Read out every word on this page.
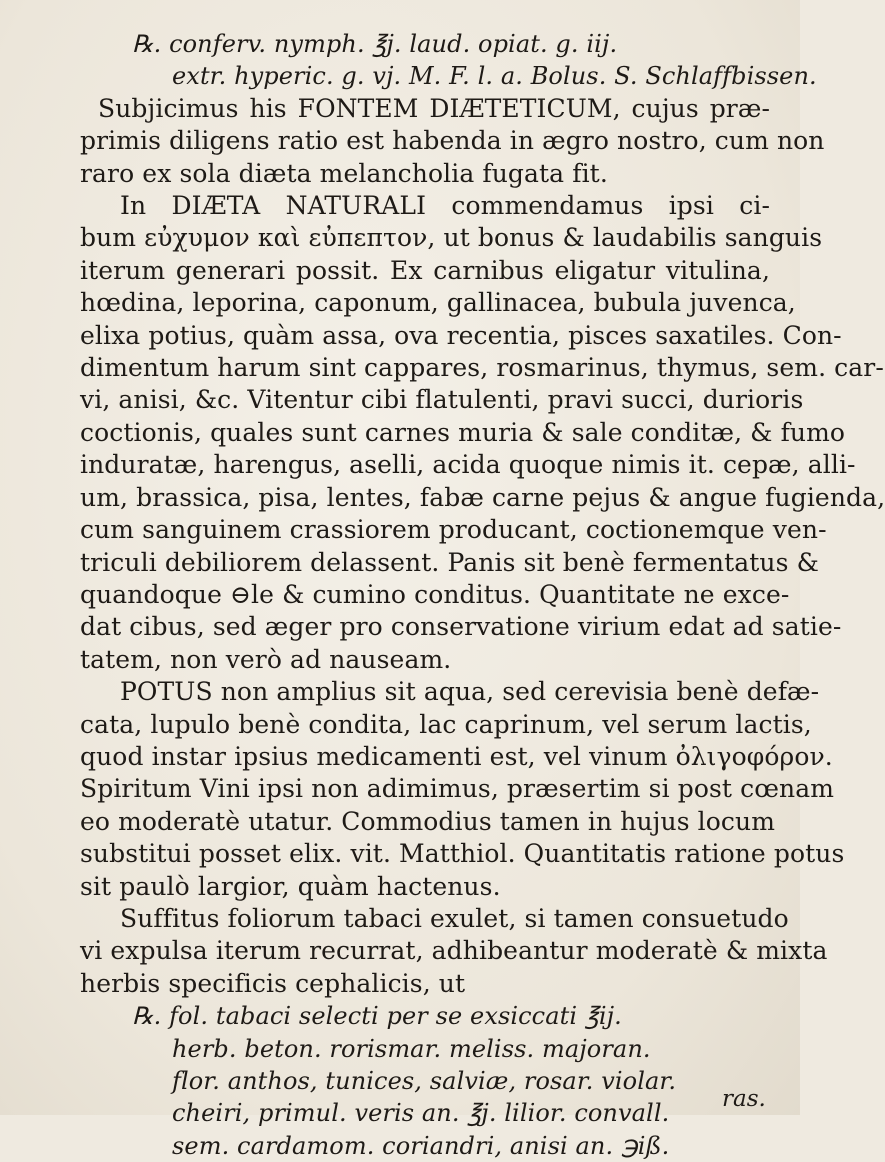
℞. conferv. nymph. ℥j. laud. opiat. g. iij.
extr. hyperic. g. vj. M. F. l. a. Bolus. S. Schlaffbissen.
Subjicimus his FONTEM DIÆTETICUM, cujus præ-
primis diligens ratio est habenda in ægro nostro, cum non
raro ex sola diæta melancholia fugata fit.
In DIÆTA NATURALI commendamus ipsi ci-
bum εὐχυμον καὶ εὐπεπτον, ut bonus & laudabilis sanguis
iterum generari possit. Ex carnibus eligatur vitulina,
hœdina, leporina, caponum, gallinacea, bubula juvenca,
elixa potius, quàm assa, ova recentia, pisces saxatiles. Con-
dimentum harum sint cappares, rosmarinus, thymus, sem. car-
vi, anisi, &c. Vitentur cibi flatulenti, pravi succi, durioris
coctionis, quales sunt carnes muria & sale conditæ, & fumo
induratæ, harengus, aselli, acida quoque nimis it. cepæ, alli-
um, brassica, pisa, lentes, fabæ carne pejus & angue fugienda,
cum sanguinem crassiorem producant, coctionemque ven-
triculi debiliorem delassent. Panis sit benè fermentatus &
quandoque ⊖le & cumino conditus. Quantitate ne exce-
dat cibus, sed æger pro conservatione virium edat ad satie-
tatem, non verò ad nauseam.
POTUS non amplius sit aqua, sed cerevisia benè defæ-
cata, lupulo benè condita, lac caprinum, vel serum lactis,
quod instar ipsius medicamenti est, vel vinum ὀλιγοφόρον.
Spiritum Vini ipsi non adimimus, præsertim si post cœnam
eo moderatè utatur. Commodius tamen in hujus locum
substitui posset elix. vit. Matthiol. Quantitatis ratione potus
sit paulò largior, quàm hactenus.
Suffitus foliorum tabaci exulet, si tamen consuetudo
vi expulsa iterum recurrat, adhibeantur moderatè & mixta
herbis specificis cephalicis, ut
℞. fol. tabaci selecti per se exsiccati ℥ij.
herb. beton. rorismar. meliss. majoran.
flor. anthos, tunices, salviæ, rosar. violar.
cheiri, primul. veris an. ℥j. lilior. convall.
sem. cardamom. coriandri, anisi an. ℈iß.
ras.
